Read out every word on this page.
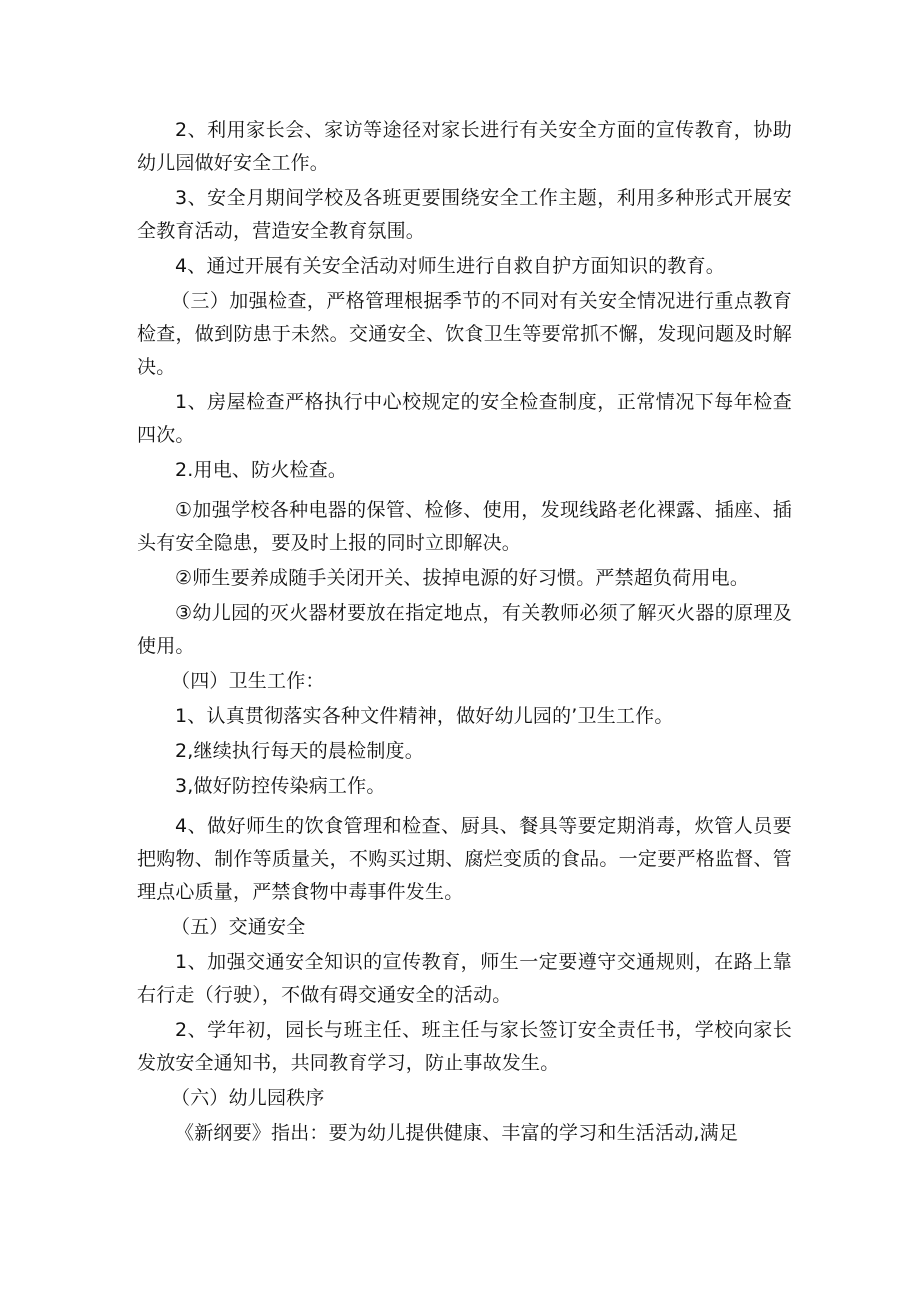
2、利用家长会、家访等途径对家长进行有关安全方面的宣传教育，协助幼儿园做好安全工作。

3、安全月期间学校及各班更要围绕安全工作主题，利用多种形式开展安全教育活动，营造安全教育氛围。

4、通过开展有关安全活动对师生进行自救自护方面知识的教育。

（三）加强检查，严格管理根据季节的不同对有关安全情况进行重点教育检查，做到防患于未然。交通安全、饮食卫生等要常抓不懈，发现问题及时解决。

1、房屋检查严格执行中心校规定的安全检查制度，正常情况下每年检查四次。

2.用电、防火检查。

①加强学校各种电器的保管、检修、使用，发现线路老化裸露、插座、插头有安全隐患，要及时上报的同时立即解决。

②师生要养成随手关闭开关、拔掉电源的好习惯。严禁超负荷用电。

③幼儿园的灭火器材要放在指定地点，有关教师必须了解灭火器的原理及使用。

（四）卫生工作：

1、认真贯彻落实各种文件精神，做好幼儿园的’卫生工作。

2,继续执行每天的晨检制度。

3,做好防控传染病工作。

4、做好师生的饮食管理和检查、厨具、餐具等要定期消毒，炊管人员要把购物、制作等质量关，不购买过期、腐烂变质的食品。一定要严格监督、管理点心质量，严禁食物中毒事件发生。

（五）交通安全

1、加强交通安全知识的宣传教育，师生一定要遵守交通规则，在路上靠右行走（行驶），不做有碍交通安全的活动。

2、学年初，园长与班主任、班主任与家长签订安全责任书，学校向家长发放安全通知书，共同教育学习，防止事故发生。

（六）幼儿园秩序

《新纲要》指出：要为幼儿提供健康、丰富的学习和生活活动,满足
